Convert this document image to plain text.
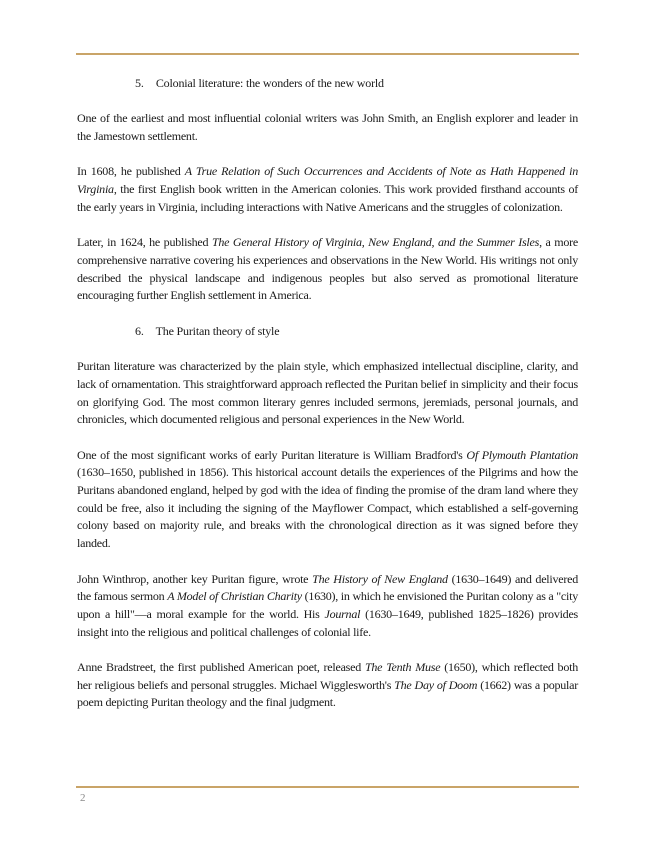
5. Colonial literature: the wonders of the new world

One of the earliest and most influential colonial writers was John Smith, an English explorer and leader in the Jamestown settlement.

In 1608, he published A True Relation of Such Occurrences and Accidents of Note as Hath Happened in Virginia, the first English book written in the American colonies. This work provided firsthand accounts of the early years in Virginia, including interactions with Native Americans and the struggles of colonization.

Later, in 1624, he published The General History of Virginia, New England, and the Summer Isles, a more comprehensive narrative covering his experiences and observations in the New World. His writings not only described the physical landscape and indigenous peoples but also served as promotional literature encouraging further English settlement in America.

6. The Puritan theory of style

Puritan literature was characterized by the plain style, which emphasized intellectual discipline, clarity, and lack of ornamentation. This straightforward approach reflected the Puritan belief in simplicity and their focus on glorifying God. The most common literary genres included sermons, jeremiads, personal journals, and chronicles, which documented religious and personal experiences in the New World.

One of the most significant works of early Puritan literature is William Bradford's Of Plymouth Plantation (1630–1650, published in 1856). This historical account details the experiences of the Pilgrims and how the Puritans abandoned england, helped by god with the idea of finding the promise of the dram land where they could be free, also it including the signing of the Mayflower Compact, which established a self-governing colony based on majority rule, and breaks with the chronological direction as it was signed before they landed.

John Winthrop, another key Puritan figure, wrote The History of New England (1630–1649) and delivered the famous sermon A Model of Christian Charity (1630), in which he envisioned the Puritan colony as a "city upon a hill"—a moral example for the world. His Journal (1630–1649, published 1825–1826) provides insight into the religious and political challenges of colonial life.

Anne Bradstreet, the first published American poet, released The Tenth Muse (1650), which reflected both her religious beliefs and personal struggles. Michael Wigglesworth's The Day of Doom (1662) was a popular poem depicting Puritan theology and the final judgment.

2
